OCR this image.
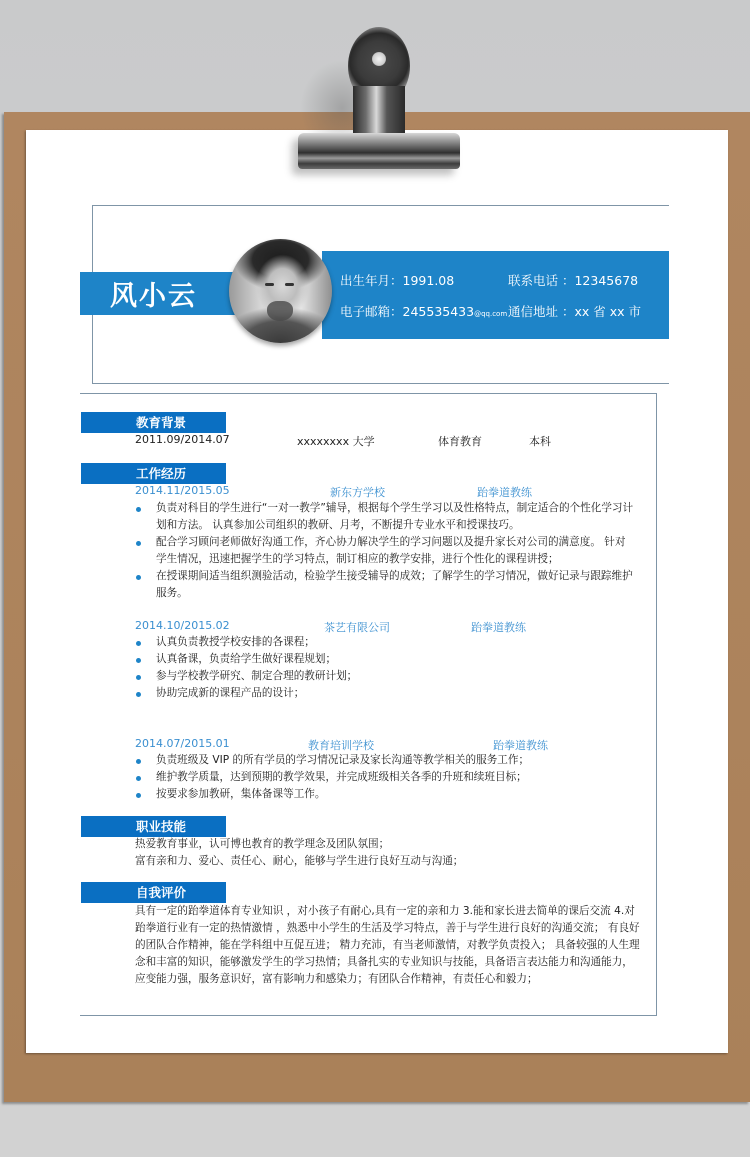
风小云
出生年月：1991.08	联系电话 ：12345678
电子邮箱：245535433@qq.com 通信地址 ：xx 省 xx 市
教育背景
2011.09/2014.07	xxxxxxxx 大学	体育教育	本科
工作经历
2014.11/2015.05	新东方学校	跆拳道教练
负责对科目的学生进行“一对一教学”辅导，根据每个学生学习以及性格特点，制定适合的个性化学习计划和方法。 认真参加公司组织的教研、月考，不断提升专业水平和授课技巧。
配合学习顾问老师做好沟通工作，齐心协力解决学生的学习问题以及提升家长对公司的满意度。 针对学生情况，迅速把握学生的学习特点，制订相应的教学安排，进行个性化的课程讲授；
在授课期间适当组织测验活动，检验学生接受辅导的成效；了解学生的学习情况，做好记录与跟踪维护服务。
2014.10/2015.02	茶艺有限公司	跆拳道教练
认真负责教授学校安排的各课程；
认真备课，负责给学生做好课程规划；
参与学校教学研究、制定合理的教研计划；
协助完成新的课程产品的设计；
2014.07/2015.01	教育培训学校	跆拳道教练
负责班级及 VIP 的所有学员的学习情况记录及家长沟通等教学相关的服务工作；
维护教学质量，达到预期的教学效果，并完成班级相关各季的升班和续班目标；
按要求参加教研，集体备课等工作。
职业技能
热爱教育事业，认可博也教育的教学理念及团队氛围；
富有亲和力、爱心、责任心、耐心，能够与学生进行良好互动与沟通；
自我评价
具有一定的跆拳道体育专业知识 ，对小孩子有耐心,具有一定的亲和力 3.能和家长进去简单的课后交流 4.对跆拳道行业有一定的热情激情 ，熟悉中小学生的生活及学习特点，善于与学生进行良好的沟通交流； 有良好的团队合作精神，能在学科组中互促互进； 精力充沛，有当老师激情，对教学负责投入； 具备较强的人生理念和丰富的知识，能够激发学生的学习热情；具备扎实的专业知识与技能，具备语言表达能力和沟通能力，应变能力强，服务意识好，富有影响力和感染力；有团队合作精神，有责任心和毅力；
